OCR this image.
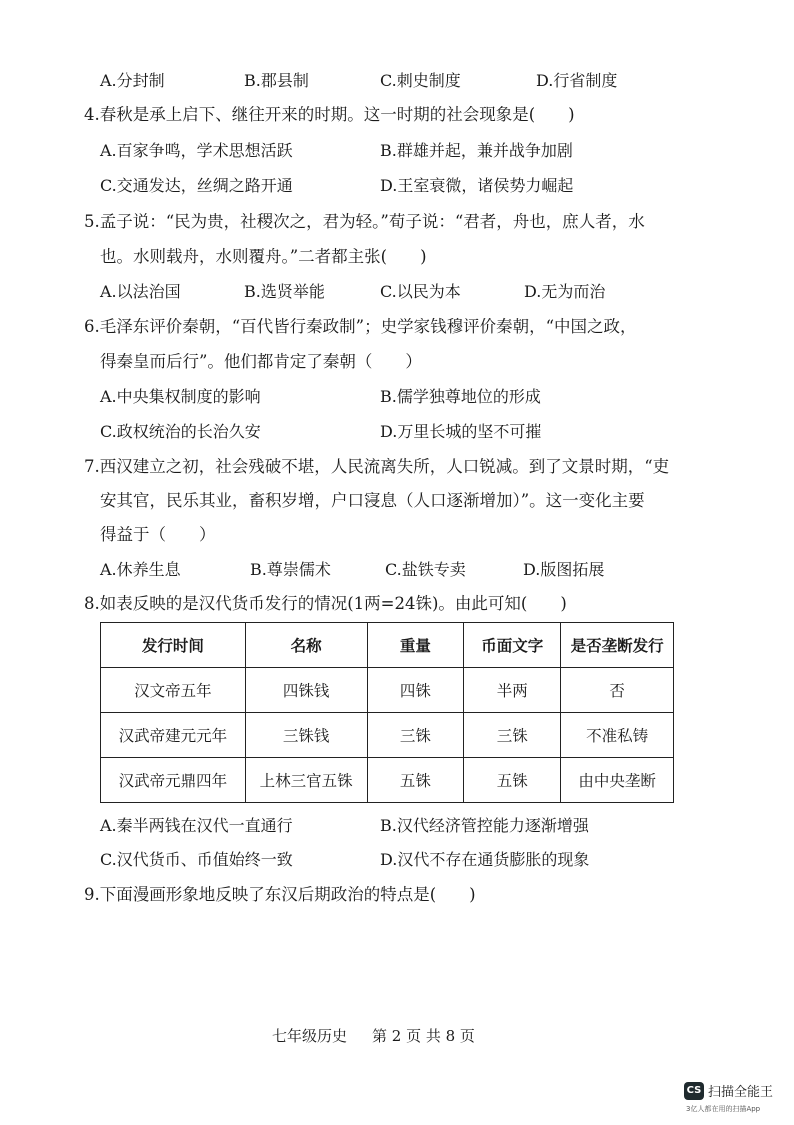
A.分封制	B.郡县制	C.刺史制度	D.行省制度
4.春秋是承上启下、继往开来的时期。这一时期的社会现象是(　　)
A.百家争鸣，学术思想活跃	B.群雄并起，兼并战争加剧
C.交通发达，丝绸之路开通	D.王室衰微，诸侯势力崛起
5.孟子说：“民为贵，社稷次之，君为轻。”荀子说：“君者，舟也，庶人者，水
也。水则载舟，水则覆舟。”二者都主张(　　)
A.以法治国	B.选贤举能	C.以民为本	D.无为而治
6.毛泽东评价秦朝，“百代皆行秦政制”；史学家钱穆评价秦朝，“中国之政，
得秦皇而后行”。他们都肯定了秦朝（　　）
A.中央集权制度的影响	B.儒学独尊地位的形成
C.政权统治的长治久安	D.万里长城的坚不可摧
7.西汉建立之初，社会残破不堪，人民流离失所，人口锐减。到了文景时期，“吏
安其官，民乐其业，畜积岁增，户口寖息（人口逐渐增加）”。这一变化主要
得益于（　　）
A.休养生息	B.尊崇儒术	C.盐铁专卖	D.版图拓展
8.如表反映的是汉代货币发行的情况(1两=24铢)。由此可知(　　)
发行时间	名称	重量	币面文字	是否垄断发行
汉文帝五年	四铢钱	四铢	半两	否
汉武帝建元元年	三铢钱	三铢	三铢	不准私铸
汉武帝元鼎四年	上林三官五铢	五铢	五铢	由中央垄断
A.秦半两钱在汉代一直通行	B.汉代经济管控能力逐渐增强
C.汉代货币、币值始终一致	D.汉代不存在通货膨胀的现象
9.下面漫画形象地反映了东汉后期政治的特点是(　　)
七年级历史 第 2 页 共 8 页
CS 扫描全能王
3亿人都在用的扫描App
